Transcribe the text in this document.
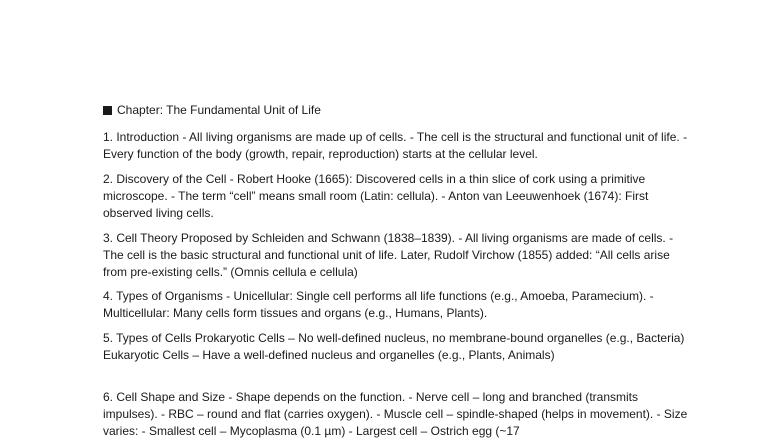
Chapter: The Fundamental Unit of Life

1. Introduction - All living organisms are made up of cells. - The cell is the structural and functional unit of life. - Every function of the body (growth, repair, reproduction) starts at the cellular level.

2. Discovery of the Cell - Robert Hooke (1665): Discovered cells in a thin slice of cork using a primitive microscope. - The term “cell” means small room (Latin: cellula). - Anton van Leeuwenhoek (1674): First observed living cells.

3. Cell Theory Proposed by Schleiden and Schwann (1838–1839). - All living organisms are made of cells. - The cell is the basic structural and functional unit of life. Later, Rudolf Virchow (1855) added: “All cells arise from pre-existing cells.” (Omnis cellula e cellula)

4. Types of Organisms - Unicellular: Single cell performs all life functions (e.g., Amoeba, Paramecium). - Multicellular: Many cells form tissues and organs (e.g., Humans, Plants).

5. Types of Cells Prokaryotic Cells – No well-defined nucleus, no membrane-bound organelles (e.g., Bacteria) Eukaryotic Cells – Have a well-defined nucleus and organelles (e.g., Plants, Animals)

6. Cell Shape and Size - Shape depends on the function. - Nerve cell – long and branched (transmits impulses). - RBC – round and flat (carries oxygen). - Muscle cell – spindle-shaped (helps in movement). - Size varies: - Smallest cell – Mycoplasma (0.1 µm) - Largest cell – Ostrich egg (~17
